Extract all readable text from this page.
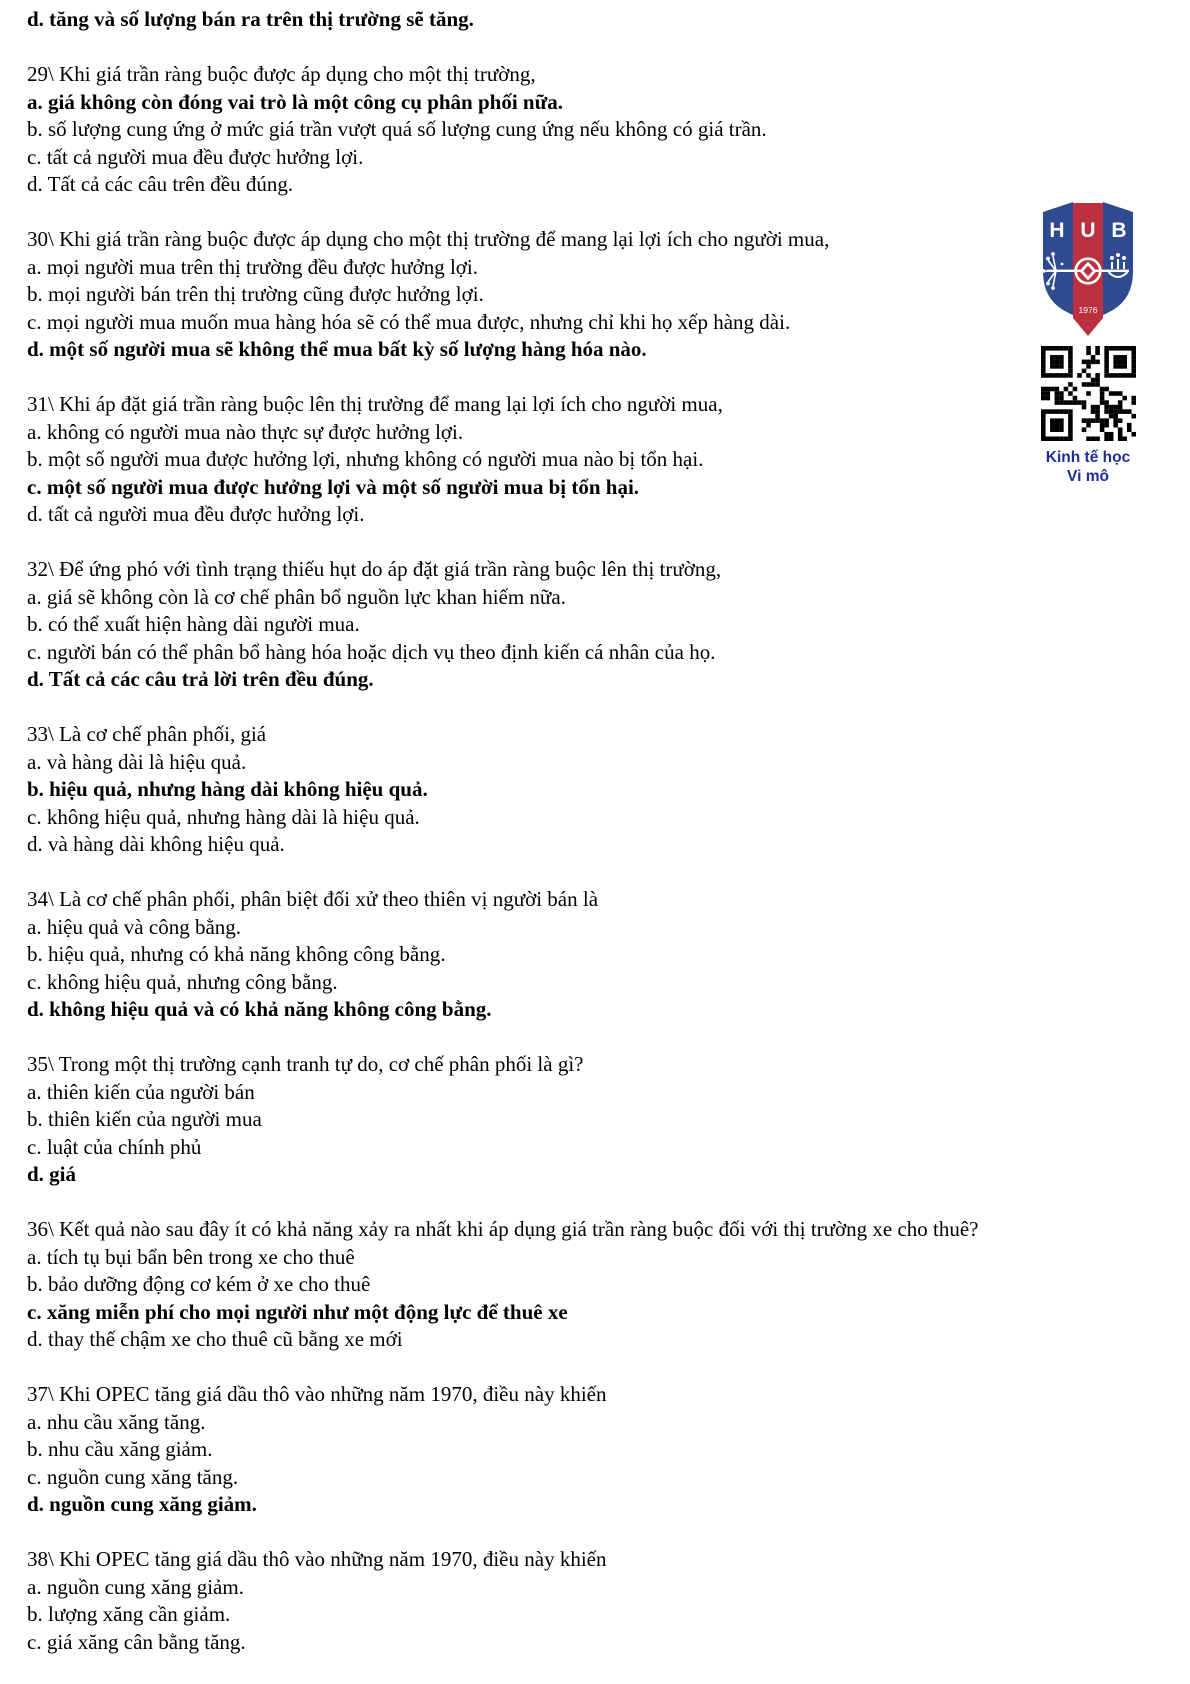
d. tăng và số lượng bán ra trên thị trường sẽ tăng.
29\ Khi giá trần ràng buộc được áp dụng cho một thị trường,
a. giá không còn đóng vai trò là một công cụ phân phối nữa.
b. số lượng cung ứng ở mức giá trần vượt quá số lượng cung ứng nếu không có giá trần.
c. tất cả người mua đều được hưởng lợi.
d. Tất cả các câu trên đều đúng.
30\ Khi giá trần ràng buộc được áp dụng cho một thị trường để mang lại lợi ích cho người mua,
a. mọi người mua trên thị trường đều được hưởng lợi.
b. mọi người bán trên thị trường cũng được hưởng lợi.
c. mọi người mua muốn mua hàng hóa sẽ có thể mua được, nhưng chỉ khi họ xếp hàng dài.
d. một số người mua sẽ không thể mua bất kỳ số lượng hàng hóa nào.
31\ Khi áp đặt giá trần ràng buộc lên thị trường để mang lại lợi ích cho người mua,
a. không có người mua nào thực sự được hưởng lợi.
b. một số người mua được hưởng lợi, nhưng không có người mua nào bị tổn hại.
c. một số người mua được hưởng lợi và một số người mua bị tổn hại.
d. tất cả người mua đều được hưởng lợi.
32\ Để ứng phó với tình trạng thiếu hụt do áp đặt giá trần ràng buộc lên thị trường,
a. giá sẽ không còn là cơ chế phân bổ nguồn lực khan hiếm nữa.
b. có thể xuất hiện hàng dài người mua.
c. người bán có thể phân bổ hàng hóa hoặc dịch vụ theo định kiến cá nhân của họ.
d. Tất cả các câu trả lời trên đều đúng.
33\ Là cơ chế phân phối, giá
a. và hàng dài là hiệu quả.
b. hiệu quả, nhưng hàng dài không hiệu quả.
c. không hiệu quả, nhưng hàng dài là hiệu quả.
d. và hàng dài không hiệu quả.
34\ Là cơ chế phân phối, phân biệt đối xử theo thiên vị người bán là
a. hiệu quả và công bằng.
b. hiệu quả, nhưng có khả năng không công bằng.
c. không hiệu quả, nhưng công bằng.
d. không hiệu quả và có khả năng không công bằng.
35\ Trong một thị trường cạnh tranh tự do, cơ chế phân phối là gì?
a. thiên kiến của người bán
b. thiên kiến của người mua
c. luật của chính phủ
d. giá
36\ Kết quả nào sau đây ít có khả năng xảy ra nhất khi áp dụng giá trần ràng buộc đối với thị trường xe cho thuê?
a. tích tụ bụi bẩn bên trong xe cho thuê
b. bảo dưỡng động cơ kém ở xe cho thuê
c. xăng miễn phí cho mọi người như một động lực để thuê xe
d. thay thế chậm xe cho thuê cũ bằng xe mới
37\ Khi OPEC tăng giá dầu thô vào những năm 1970, điều này khiến
a. nhu cầu xăng tăng.
b. nhu cầu xăng giảm.
c. nguồn cung xăng tăng.
d. nguồn cung xăng giảm.
38\ Khi OPEC tăng giá dầu thô vào những năm 1970, điều này khiến
a. nguồn cung xăng giảm.
b. lượng xăng cần giảm.
c. giá xăng cân bằng tăng.
H U B
1976
Kinh tế học
Vi mô
